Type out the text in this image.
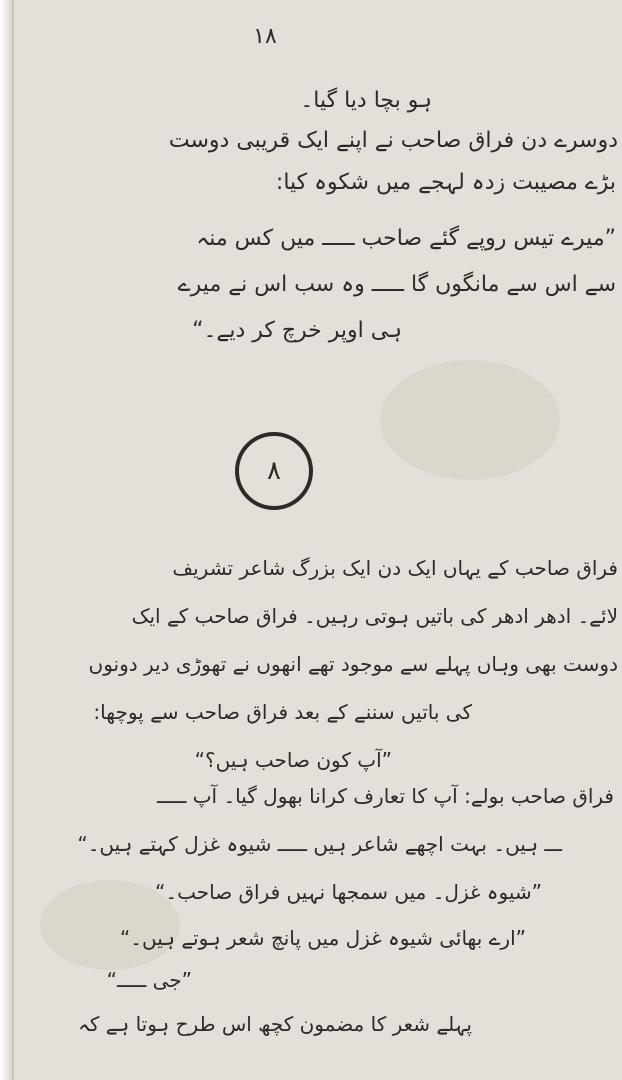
۱۸
ہو بچا دیا گیا۔
دوسرے دن فراق صاحب نے اپنے ایک قریبی دوست
بڑے مصیبت زدہ لہجے میں شکوہ کیا:
”میرے تیس روپے گئے صاحب ـــــ میں کس منہ
سے اس سے مانگوں گا ـــــ وہ سب اس نے میرے
ہی اوپر خرچ کر دیے۔“
۸
فراق صاحب کے یہاں ایک دن ایک بزرگ شاعر تشریف
لائے۔ ادھر ادھر کی باتیں ہوتی رہیں۔ فراق صاحب کے ایک
دوست بھی وہاں پہلے سے موجود تھے انھوں نے تھوڑی دیر دونوں
کی باتیں سننے کے بعد فراق صاحب سے پوچھا:
”آپ کون صاحب ہیں؟“
فراق صاحب بولے: آپ کا تعارف کرانا بھول گیا۔ آپ ـــــ
ـــ ہیں۔ بہت اچھے شاعر ہیں ـــــ شیوہ غزل کہتے ہیں۔“
”شیوہ غزل۔ میں سمجھا نہیں فراق صاحب۔“
”ارے بھائی شیوہ غزل میں پانچ شعر ہوتے ہیں۔“
”جی ـــــ“
پہلے شعر کا مضمون کچھ اس طرح ہوتا ہے کہ
